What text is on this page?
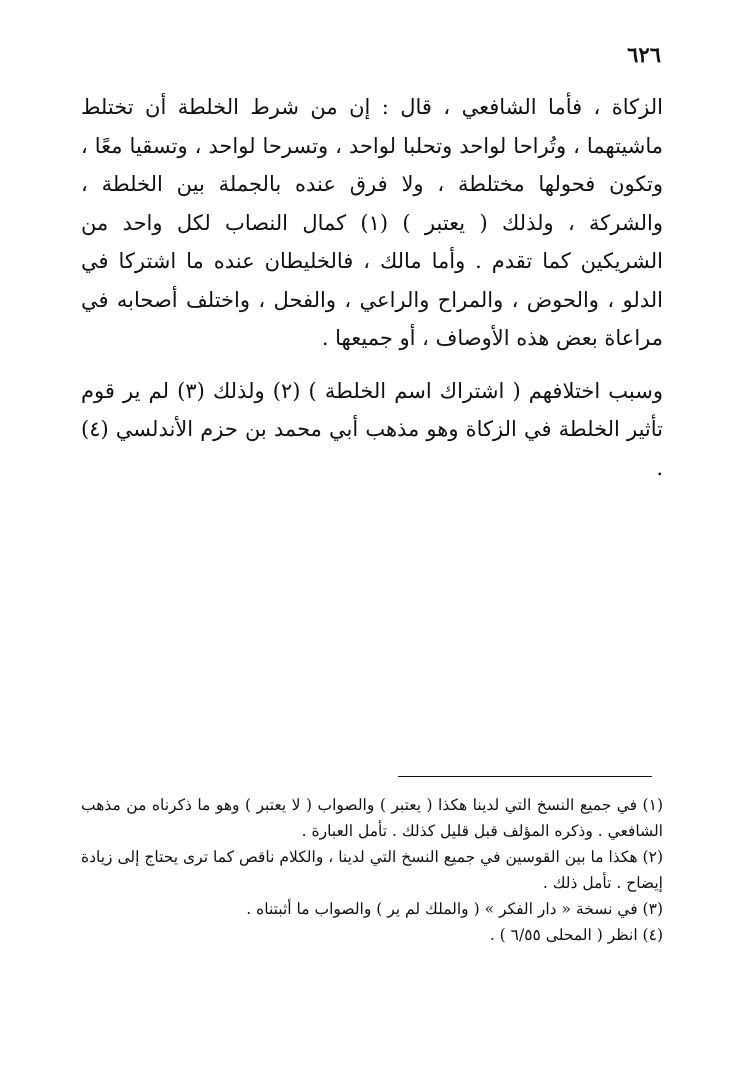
٦٢٦

الزكاة ، فأما الشافعي ، قال : إن من شرط الخلطة أن تختلط ماشيتهما ، وتُراحا لواحد وتحلبا لواحد ، وتسرحا لواحد ، وتسقيا معًا ، وتكون فحولها مختلطة ، ولا فرق عنده بالجملة بين الخلطة ، والشركة ، ولذلك ( يعتبر ) (١) كمال النصاب لكل واحد من الشريكين كما تقدم . وأما مالك ، فالخليطان عنده ما اشتركا في الدلو ، والحوض ، والمراح والراعي ، والفحل ، واختلف أصحابه في مراعاة بعض هذه الأوصاف ، أو جميعها .

وسبب اختلافهم ( اشتراك اسم الخلطة ) (٢) ولذلك (٣) لم ير قوم تأثير الخلطة في الزكاة وهو مذهب أبي محمد بن حزم الأندلسي (٤) .

(١) في جميع النسخ التي لدينا هكذا ( يعتبر ) والصواب ( لا يعتبر ) وهو ما ذكرناه من مذهب الشافعي . وذكره المؤلف قبل قليل كذلك . تأمل العبارة .

(٢) هكذا ما بين القوسين في جميع النسخ التي لدينا ، والكلام ناقص كما ترى يحتاج إلى زيادة إيضاح . تأمل ذلك .

(٣) في نسخة « دار الفكر » ( والملك لم ير ) والصواب ما أثبتناه .

(٤) انظر ( المحلى ٦/٥٥ ) .
